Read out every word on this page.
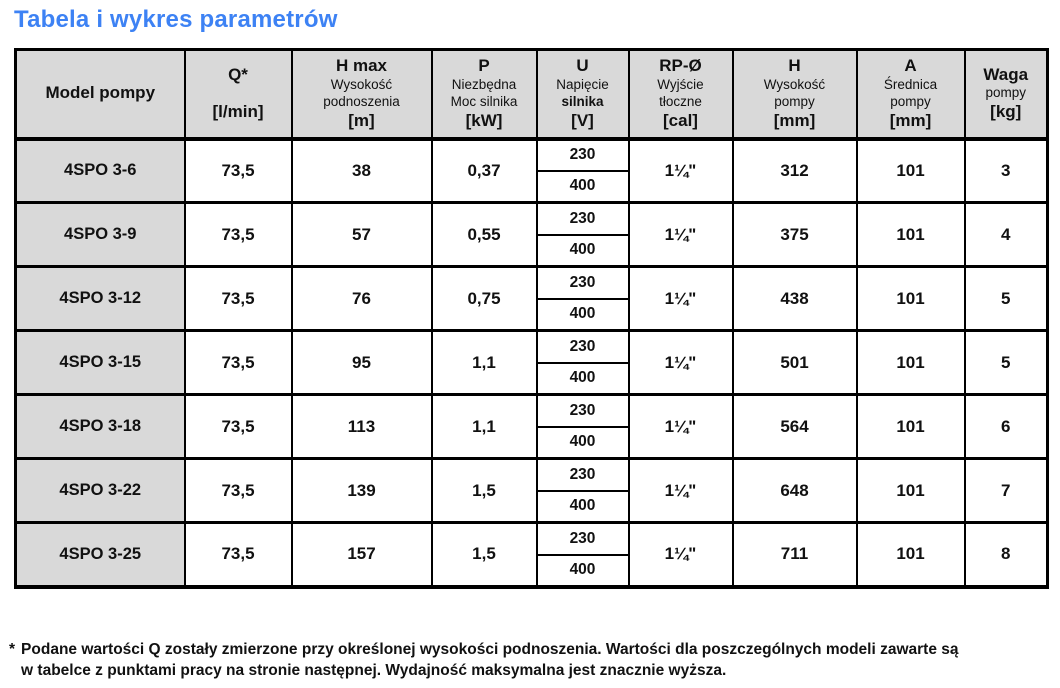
Tabela i wykres parametrów
Model pompy

Q*
[l/min]

H max
Wysokość
podnoszenia
[m]

P
Niezbędna
Moc silnika
[kW]

U
Napięcie
silnika
[V]

RP-Ø
Wyjście
tłoczne
[cal]

H
Wysokość
pompy
[mm]

A
Średnica
pompy
[mm]

Waga
pompy
[kg]

4SPO 3-6	73,5	38	0,37	230	1¼"	312	101	3
				400				
4SPO 3-9	73,5	57	0,55	230	1¼"	375	101	4
				400				
4SPO 3-12	73,5	76	0,75	230	1¼"	438	101	5
				400				
4SPO 3-15	73,5	95	1,1	230	1¼"	501	101	5
				400				
4SPO 3-18	73,5	113	1,1	230	1¼"	564	101	6
				400				
4SPO 3-22	73,5	139	1,5	230	1¼"	648	101	7
				400				
4SPO 3-25	73,5	157	1,5	230	1¼"	711	101	8
				400				
* Podane wartości Q zostały zmierzone przy określonej wysokości podnoszenia. Wartości dla poszczególnych modeli zawarte są
w tabelce z punktami pracy na stronie następnej. Wydajność maksymalna jest znacznie wyższa.
